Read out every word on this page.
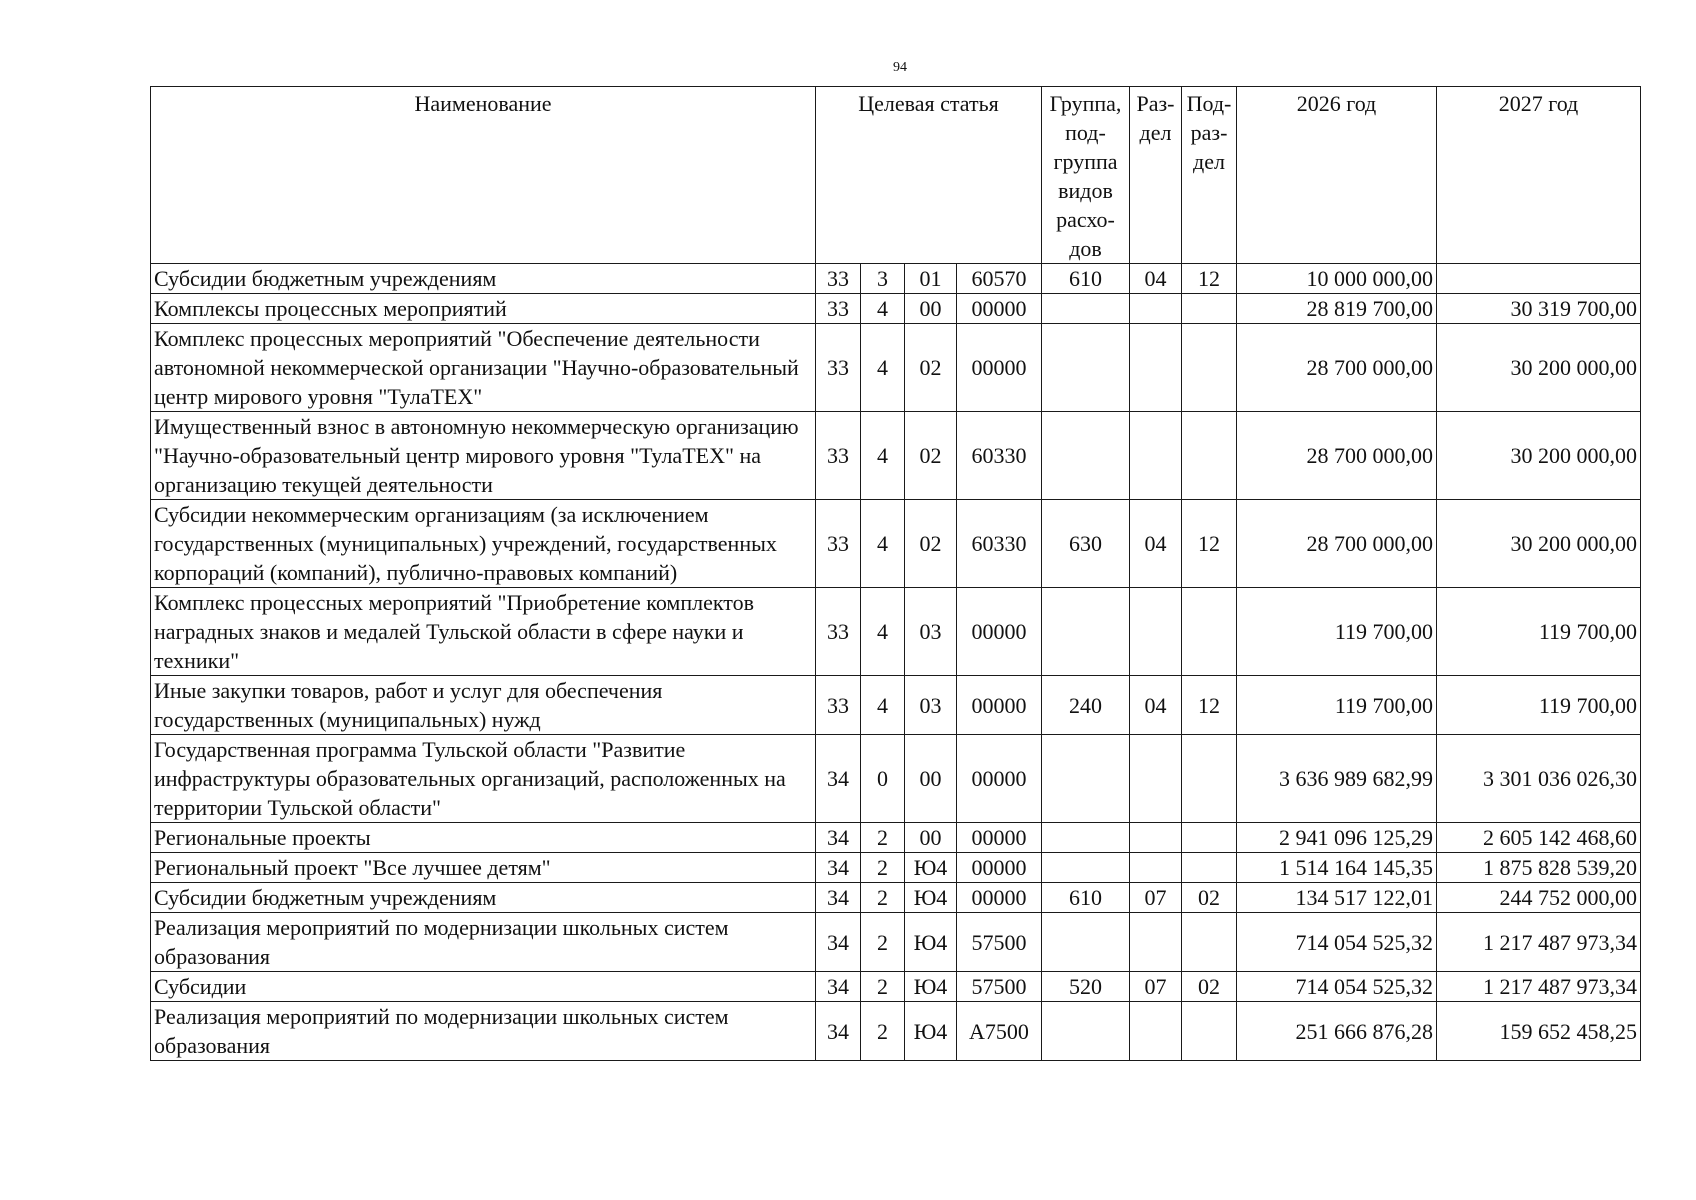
94
Наименование	Целевая статья				Группа, под-группа видов расхо-дов	Раз-дел	Под-раз-дел	2026 год	2027 год
Субсидии бюджетным учреждениям	33	3	01	60570	610	04	12	10 000 000,00	
Комплексы процессных мероприятий	33	4	00	00000				28 819 700,00	30 319 700,00
Комплекс процессных мероприятий "Обеспечение деятельности автономной некоммерческой организации "Научно-образовательный центр мирового уровня "ТулаТЕХ"	33	4	02	00000				28 700 000,00	30 200 000,00
Имущественный взнос в автономную некоммерческую организацию "Научно-образовательный центр мирового уровня "ТулаТЕХ" на организацию текущей деятельности	33	4	02	60330				28 700 000,00	30 200 000,00
Субсидии некоммерческим организациям (за исключением государственных (муниципальных) учреждений, государственных корпораций (компаний), публично-правовых компаний)	33	4	02	60330	630	04	12	28 700 000,00	30 200 000,00
Комплекс процессных мероприятий "Приобретение комплектов наградных знаков и медалей Тульской области в сфере науки и техники"	33	4	03	00000				119 700,00	119 700,00
Иные закупки товаров, работ и услуг для обеспечения государственных (муниципальных) нужд	33	4	03	00000	240	04	12	119 700,00	119 700,00
Государственная программа Тульской области "Развитие инфраструктуры образовательных организаций, расположенных на территории Тульской области"	34	0	00	00000				3 636 989 682,99	3 301 036 026,30
Региональные проекты	34	2	00	00000				2 941 096 125,29	2 605 142 468,60
Региональный проект "Все лучшее детям"	34	2	Ю4	00000				1 514 164 145,35	1 875 828 539,20
Субсидии бюджетным учреждениям	34	2	Ю4	00000	610	07	02	134 517 122,01	244 752 000,00
Реализация мероприятий по модернизации школьных систем образования	34	2	Ю4	57500				714 054 525,32	1 217 487 973,34
Субсидии	34	2	Ю4	57500	520	07	02	714 054 525,32	1 217 487 973,34
Реализация мероприятий по модернизации школьных систем образования	34	2	Ю4	А7500				251 666 876,28	159 652 458,25
